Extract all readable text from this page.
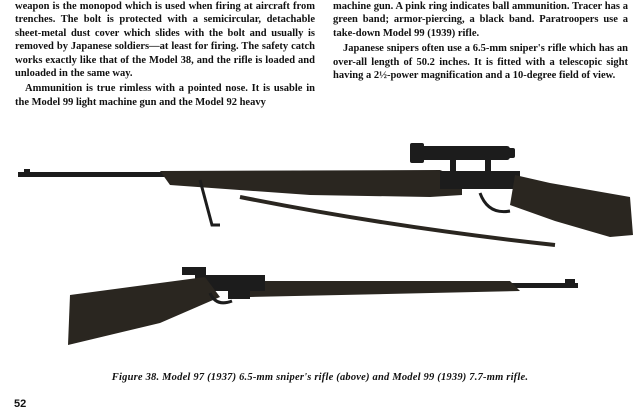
weapon is the monopod which is used when firing at aircraft from trenches. The bolt is protected with a semicircular, detachable sheet-metal dust cover which slides with the bolt and usually is removed by Japanese soldiers—at least for firing. The safety catch works exactly like that of the Model 38, and the rifle is loaded and unloaded in the same way.

Ammunition is true rimless with a pointed nose. It is usable in the Model 99 light machine gun and the Model 92 heavy

machine gun. A pink ring indicates ball ammunition. Tracer has a green band; armor-piercing, a black band. Paratroopers use a take-down Model 99 (1939) rifle.

Japanese snipers often use a 6.5-mm sniper's rifle which has an over-all length of 50.2 inches. It is fitted with a telescopic sight having a 2½-power magnification and a 10-degree field of view.

Figure 38. Model 97 (1937) 6.5-mm sniper's rifle (above) and Model 99 (1939) 7.7-mm rifle.
52
